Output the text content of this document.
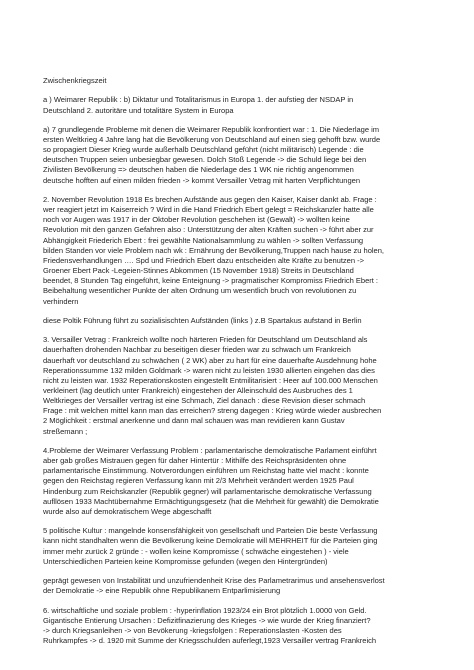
Zwischenkriegszeit

a ) Weimarer Republik : b) Diktatur und Totalitarismus in Europa 1. der aufstieg der NSDAP in
Deutschland 2. autoritäre und totalitäre System in Europa

a) 7 grundlegende Probleme mit denen die Weimarer Republik konfrontiert war : 1. Die Niederlage im
ersten Weltkrieg 4 Jahre lang hat die Bevölkerung von Deutschland auf einen sieg gehofft bzw. wurde
so propagiert Dieser Krieg wurde außerhalb Deutschland geführt (nicht militärisch) Legende : die
deutschen Truppen seien unbesiegbar gewesen. Dolch Stoß Legende -> die Schuld liege bei den
Zivilisten Bevölkerung => deutschen haben die Niederlage des 1 WK nie richtig angenommen
deutsche hofften auf einen milden frieden -> kommt Versailler Vetrag mit harten Verpflichtungen

2. November Revolution 1918 Es brechen Aufstände aus gegen den Kaiser, Kaiser dankt ab. Frage :
wer reagiert jetzt im Kaiserreich ? Wird in die Hand Friedrich Ebert gelegt = Reichskanzler hatte alle
noch vor Augen was 1917 in der Oktober Revolution geschehen ist (Gewalt) -> wollten keine
Revolution mit den ganzen Gefahren also : Unterstützung der alten Kräften suchen -> führt aber zur
Abhängigkeit Friederich Ebert : frei gewählte Nationalsammlung zu wählen -> sollten Verfassung
bilden Standen vor viele Problem nach wk : Ernährung der Bevölkerung,Truppen nach hause zu holen,
Friedensverhandlungen …. Spd und Friedrich Ebert dazu entscheiden alte Kräfte zu benutzen ->
Groener Ebert Pack -Legeien-Stinnes Abkommen (15 November 1918) Streits in Deutschland
beendet, 8 Stunden Tag eingeführt, keine Enteignung -> pragmatischer Kompromiss Friedrich Ebert :
Beibehaltung wesentlicher Punkte der alten Ordnung um wesentlich bruch von revolutionen zu
verhindern

diese Poltik Führung führt zu sozialisischten Aufständen (links ) z.B Spartakus aufstand in Berlin

3. Versailler Vetrag : Frankreich wollte noch härteren Frieden für Deutschland um Deutschland als
dauerhaften drohenden Nachbar zu beseitigen dieser frieden war zu schwach um Frankreich
dauerhaft vor deutschland zu schwächen ( 2 WK) aber zu hart für eine dauerhafte Ausdehnung hohe
Reperationssumme 132 milden Goldmark -> waren nicht zu leisten 1930 allierten eingehen das dies
nicht zu leisten war. 1932 Reperationskosten eingestellt Entmilitarisiert : Heer auf 100.000 Menschen
verkleinert (lag deutlich unter Frankreich) eingestehen der Alleinschuld des Ausbruches des 1
Weltkrieges der Versailler vertrag ist eine Schmach, Ziel danach : diese Revision dieser schmach
Frage : mit welchen mittel kann man das erreichen? streng dagegen : Krieg würde wieder ausbrechen
2 Möglichkeit : erstmal anerkenne und dann mal schauen was man revidieren kann Gustav
streßemann ;

4.Probleme der Weimarer Verfassung Problem : parlamentarische demokratische Parlament einführt
aber gab großes Mistrauen gegen für daher Hintertür : Mithilfe des Reichspräsidenten ohne
parlamentarische Einstimmung. Notverordungen einführen um Reichstag hatte viel macht : konnte
gegen den Reichstag regieren Verfassung kann mit 2/3 Mehrheit verändert werden 1925 Paul
Hindenburg zum Reichskanzler (Republik gegner) will parlamentarische demokratische Verfassung
aufllösen 1933 Machtübernahme Ermächtigungsgesetz (hat die Mehrheit für gewählt) die Demokratie
wurde also auf demokratischem Wege abgeschafft

5 politische Kultur : mangelnde konsensfähigkeit von gesellschaft und Parteien Die beste Verfassung
kann nicht standhalten wenn die Bevölkerung keine Demokratie will MEHRHEIT für die Parteien ging
immer mehr zurück 2 gründe : - wollen keine Kompromisse ( schwäche eingestehen ) - viele
Unterschiedlichen Parteien keine Kompromisse gefunden (wegen den Hintergründen)

geprägt gewesen von Instabilität und unzufriendenheit Krise des Parlametrarimus und ansehensverlost
der Demokratie -> eine Republik ohne Republikanern Entparlimisierung

6. wirtschaftliche und soziale problem : -hyperinflation 1923/24 ein Brot plötzlich 1.0000 von Geld.
Gigantische Entierung Ursachen : Defizitfinazierung des Krieges -> wie wurde der Krieg finanziert?
-> durch Kriegsanleihen -> von Bevökerung -kriegsfolgen : Reperationslasten -Kosten des
Ruhrkampfes -> d. 1920 mit Summe der Kriegsschulden auferlegt,1923 Versailler vertrag Frankreich
